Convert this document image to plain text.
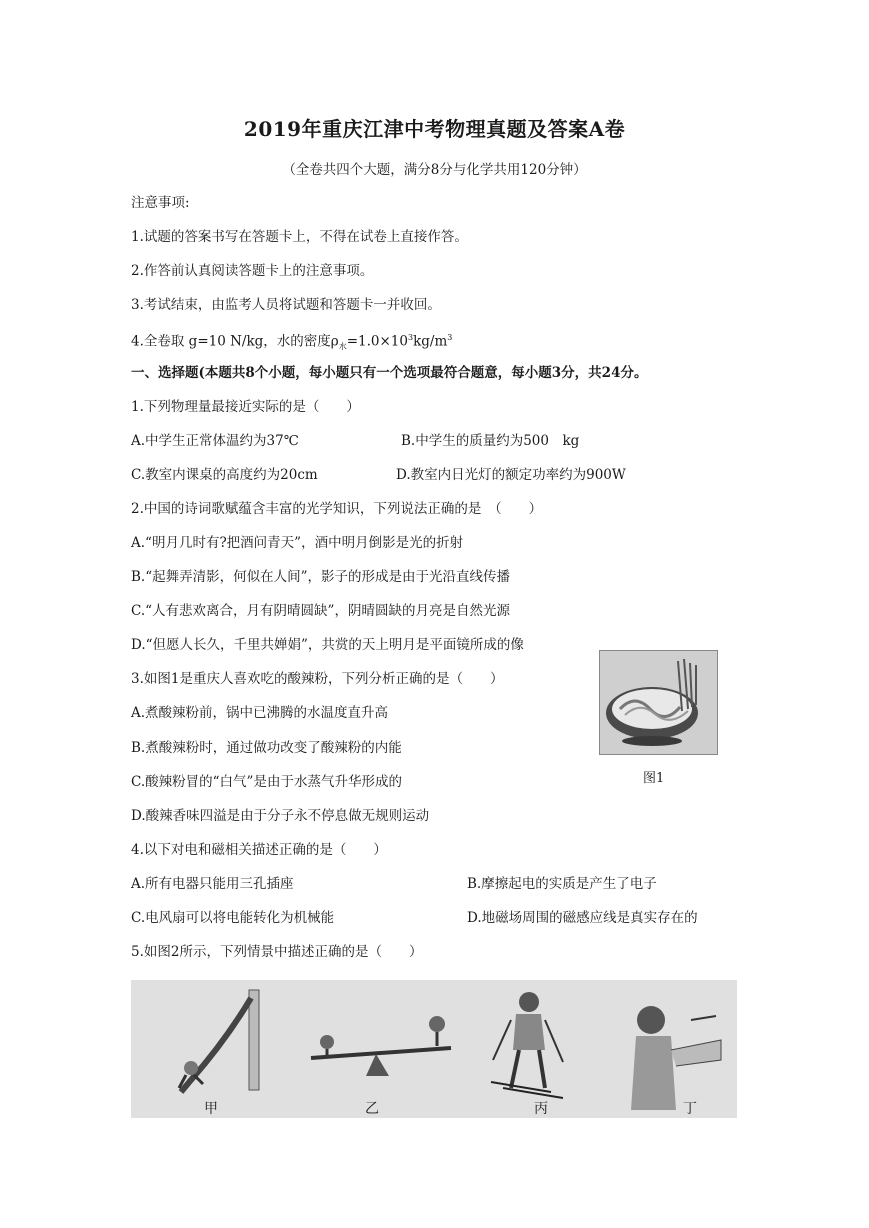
2019年重庆江津中考物理真题及答案A卷
（全卷共四个大题，满分8分与化学共用120分钟）
注意事项:
1.试题的答案书写在答题卡上，不得在试卷上直接作答。
2.作答前认真阅读答题卡上的注意事项。
3.考试结束，由监考人员将试题和答题卡一并收回。
4.全卷取 g=10 N/kg，水的密度$\rho_水=1.0\times 10^3kg/m^3$
一、选择题(本题共8个小题，每小题只有一个选项最符合题意，每小题3分，共24分。
1.下列物理量最接近实际的是（　　）
A.中学生正常体温约为37℃	B.中学生的质量约为500　kg
C.教室内课桌的高度约为20cm	D.教室内日光灯的额定功率约为900W
2.中国的诗词歌赋蕴含丰富的光学知识，下列说法正确的是　（　　）
A.“明月几时有?把酒问青天”，酒中明月倒影是光的折射
B.“起舞弄清影，何似在人间”，影子的形成是由于光沿直线传播
C.“人有悲欢离合，月有阴晴圆缺”，阴晴圆缺的月亮是自然光源
D.“但愿人长久，千里共婵娟”，共赏的天上明月是平面镜所成的像
3.如图1是重庆人喜欢吃的酸辣粉，下列分析正确的是（　　）
A.煮酸辣粉前，锅中已沸腾的水温度直升高
B.煮酸辣粉时，通过做功改变了酸辣粉的内能
C.酸辣粉冒的“白气”是由于水蒸气升华形成的
D.酸辣香味四溢是由于分子永不停息做无规则运动
图1
4.以下对电和磁相关描述正确的是（　　）
A.所有电器只能用三孔插座	B.摩擦起电的实质是产生了电子
C.电风扇可以将电能转化为机械能	D.地磁场周围的磁感应线是真实存在的
5.如图2所示，下列情景中描述正确的是（　　）
甲	乙	丙	丁
